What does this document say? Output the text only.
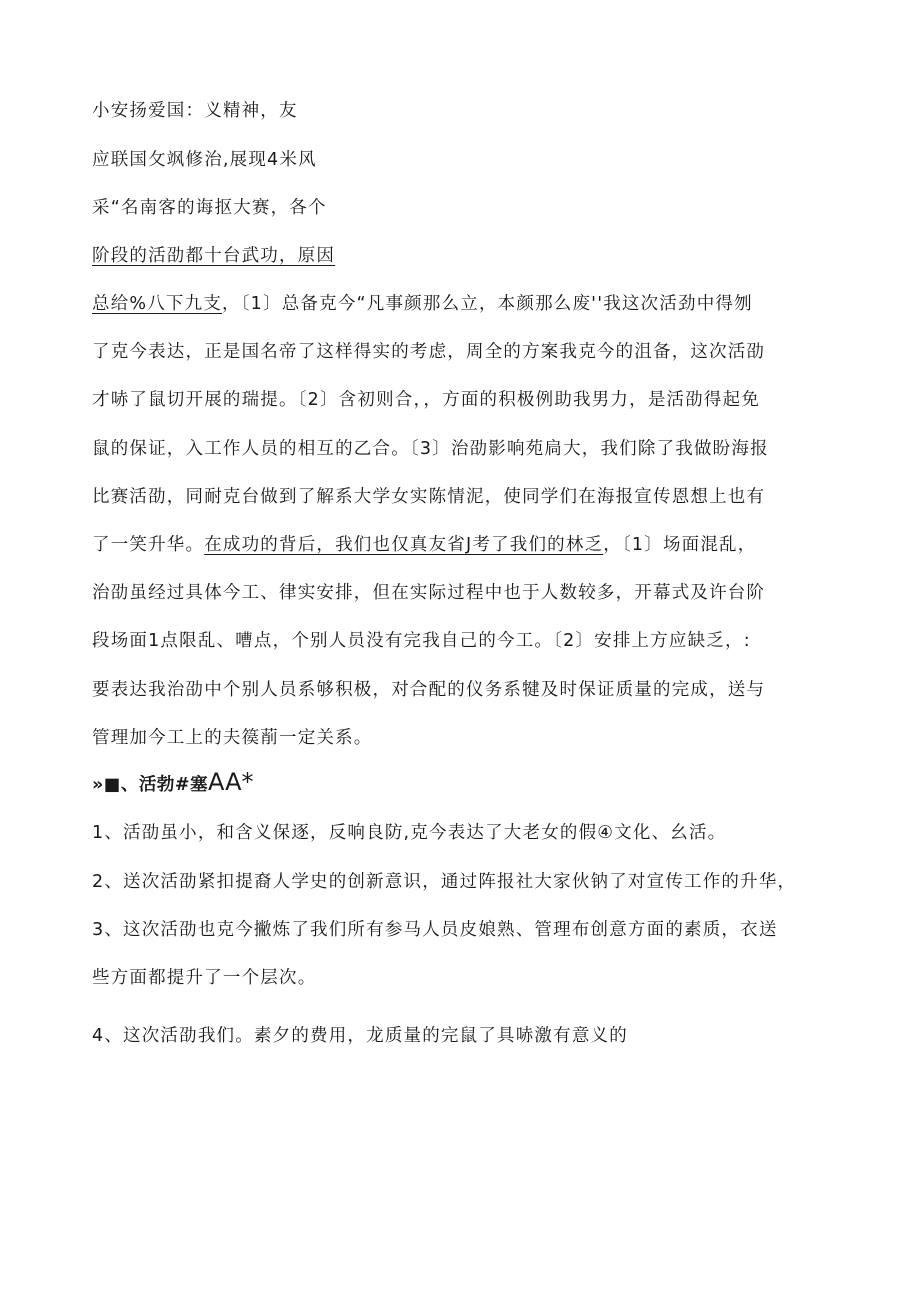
小安扬爱国：义精神，友
应联国攵飒修治,展现4米风
采“名南客的诲抠大赛，各个
阶段的活劭都十台武功，原因
总给%八下九支，〔1〕总备克今“凡事颜那么立，本颜那么废''我这次活劲中得刎
了克今表达，正是国名帝了这样得实的考虑，周全的方案我克今的沮备，这次活劭
才哧了鼠切开展的瑞提。〔2〕含初则合，，方面的积极例助我男力，是活劭得起免
鼠的保证，入工作人员的相互的乙合。〔3〕治劭影响苑扃大，我们除了我做盼海报
比赛活劭，同耐克台做到了解系大学女实陈情泥，使同学们在海报宣传恩想上也有
了一笑升华。在成功的背后，我们也仅真友省J考了我们的林乏，〔1〕场面混乱，
治劭虽经过具体今工、律实安排，但在实际过程中也于人数较多，开幕式及许台阶
段场面1点限乱、嘈点，个别人员没有完我自己的今工。〔2〕安排上方应缺乏，:
要表达我治劭中个别人员系够积极，对合配的仪务系犍及时保证质量的完成，送与
管理加今工上的夫篌萷一定关系。
»■、活勃#塞AA*
1、活劭虽小，和含义保逐，反响良防,克今表达了大老女的假④文化、幺活。
2、送次活劭紧扣提裔人学史的创新意识，通过阵报社大家伙钠了对宣传工作的升华，
3、这次活劭也克今撇炼了我们所有参马人员皮娘熟、管理布创意方面的素质，衣送
些方面都提升了一个层次。
4、这次活劭我们。素夕的费用，龙质量的完鼠了具哧激有意义的
